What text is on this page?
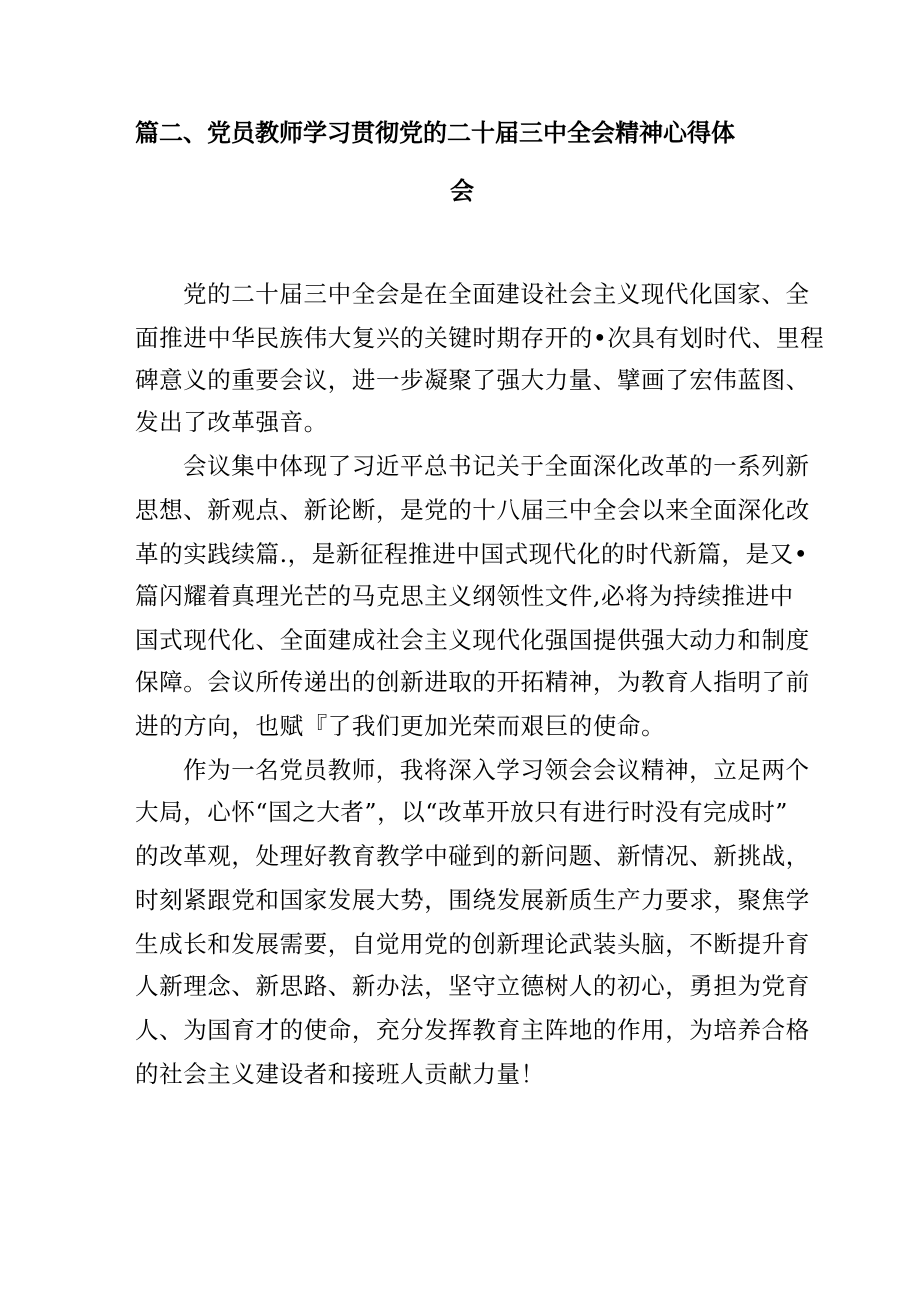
篇二、党员教师学习贯彻党的二十届三中全会精神心得体
会
党的二十届三中全会是在全面建设社会主义现代化国家、全
面推进中华民族伟大复兴的关键时期存开的•次具有划时代、里程
碑意义的重要会议，进一步凝聚了强大力量、擘画了宏伟蓝图、
发出了改革强音。
会议集中体现了习近平总书记关于全面深化改革的一系列新
思想、新观点、新论断，是党的十八届三中全会以来全面深化改
革的实践续篇.，是新征程推进中国式现代化的时代新篇，是又•
篇闪耀着真理光芒的马克思主义纲领性文件,必将为持续推进中
国式现代化、全面建成社会主义现代化强国提供强大动力和制度
保障。会议所传递出的创新进取的开拓精神，为教育人指明了前
进的方向，也赋『了我们更加光荣而艰巨的使命。
作为一名党员教师，我将深入学习领会会议精神，立足两个
大局，心怀“国之大者”，以“改革开放只有进行时没有完成时”
的改革观，处理好教育教学中碰到的新问题、新情况、新挑战，
时刻紧跟党和国家发展大势，围绕发展新质生产力要求，聚焦学
生成长和发展需要，自觉用党的创新理论武装头脑，不断提升育
人新理念、新思路、新办法，坚守立德树人的初心，勇担为党育
人、为国育才的使命，充分发挥教育主阵地的作用，为培养合格
的社会主义建设者和接班人贡献力量！
